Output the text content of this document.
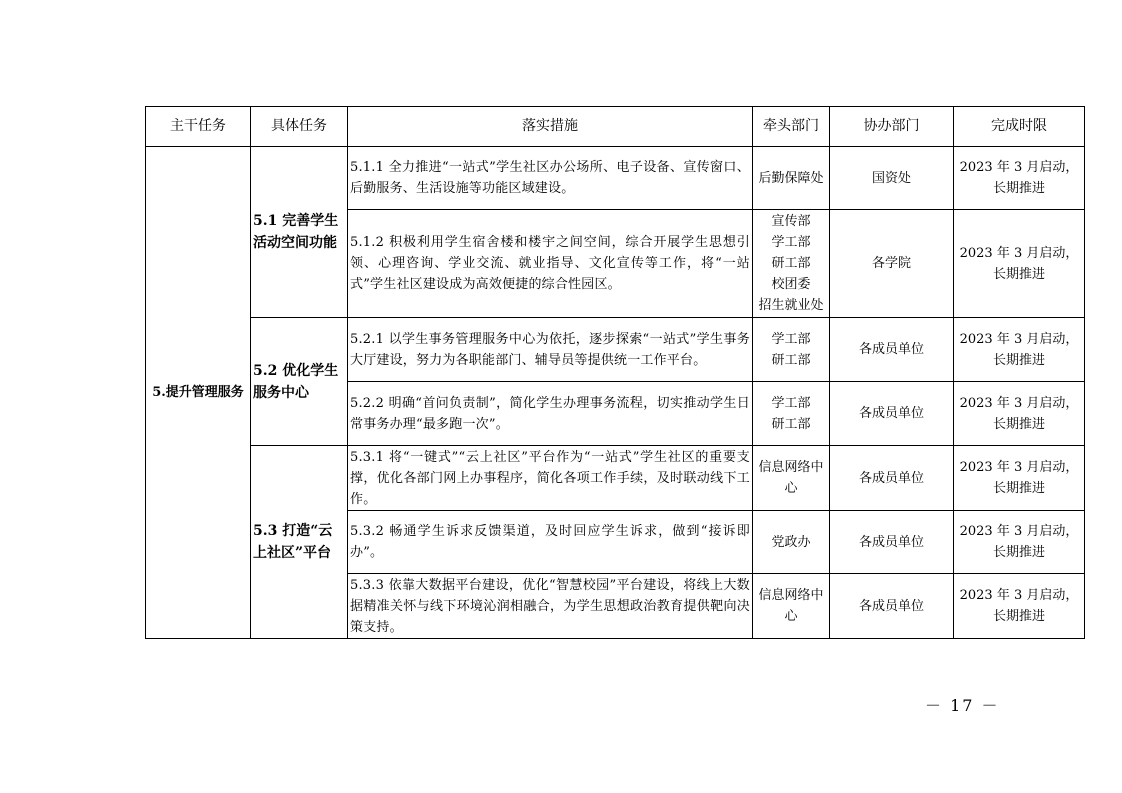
主干任务	具体任务	落实措施	牵头部门	协办部门	完成时限
5.提升管理服务	5.1 完善学生活动空间功能	5.1.1 全力推进“一站式”学生社区办公场所、电子设备、宣传窗口、后勤服务、生活设施等功能区域建设。	后勤保障处	国资处	2023 年 3 月启动，
长期推进

		5.1.2 积极利用学生宿舍楼和楼宇之间空间，综合开展学生思想引领、心理咨询、学业交流、就业指导、文化宣传等工作，将“一站式”学生社区建设成为高效便捷的综合性园区。	宣传部
学工部
研工部
校团委
招生就业处	各学院	2023 年 3 月启动，
长期推进

	5.2 优化学生服务中心	5.2.1 以学生事务管理服务中心为依托，逐步探索“一站式”学生事务大厅建设，努力为各职能部门、辅导员等提供统一工作平台。	学工部
研工部	各成员单位	2023 年 3 月启动，
长期推进

		5.2.2 明确“首问负责制”，简化学生办理事务流程，切实推动学生日常事务办理“最多跑一次”。	学工部
研工部	各成员单位	2023 年 3 月启动，
长期推进

	5.3 打造“云上社区”平台	5.3.1 将“一键式”“云上社区”平台作为“一站式”学生社区的重要支撑，优化各部门网上办事程序，简化各项工作手续，及时联动线下工作。	信息网络中心	各成员单位	2023 年 3 月启动，
长期推进

		5.3.2 畅通学生诉求反馈渠道，及时回应学生诉求，做到“接诉即办”。	党政办	各成员单位	2023 年 3 月启动，
长期推进

		5.3.3 依靠大数据平台建设，优化“智慧校园”平台建设，将线上大数据精准关怀与线下环境沁润相融合，为学生思想政治教育提供靶向决策支持。	信息网络中心	各成员单位	2023 年 3 月启动，
长期推进
－ 17 －
